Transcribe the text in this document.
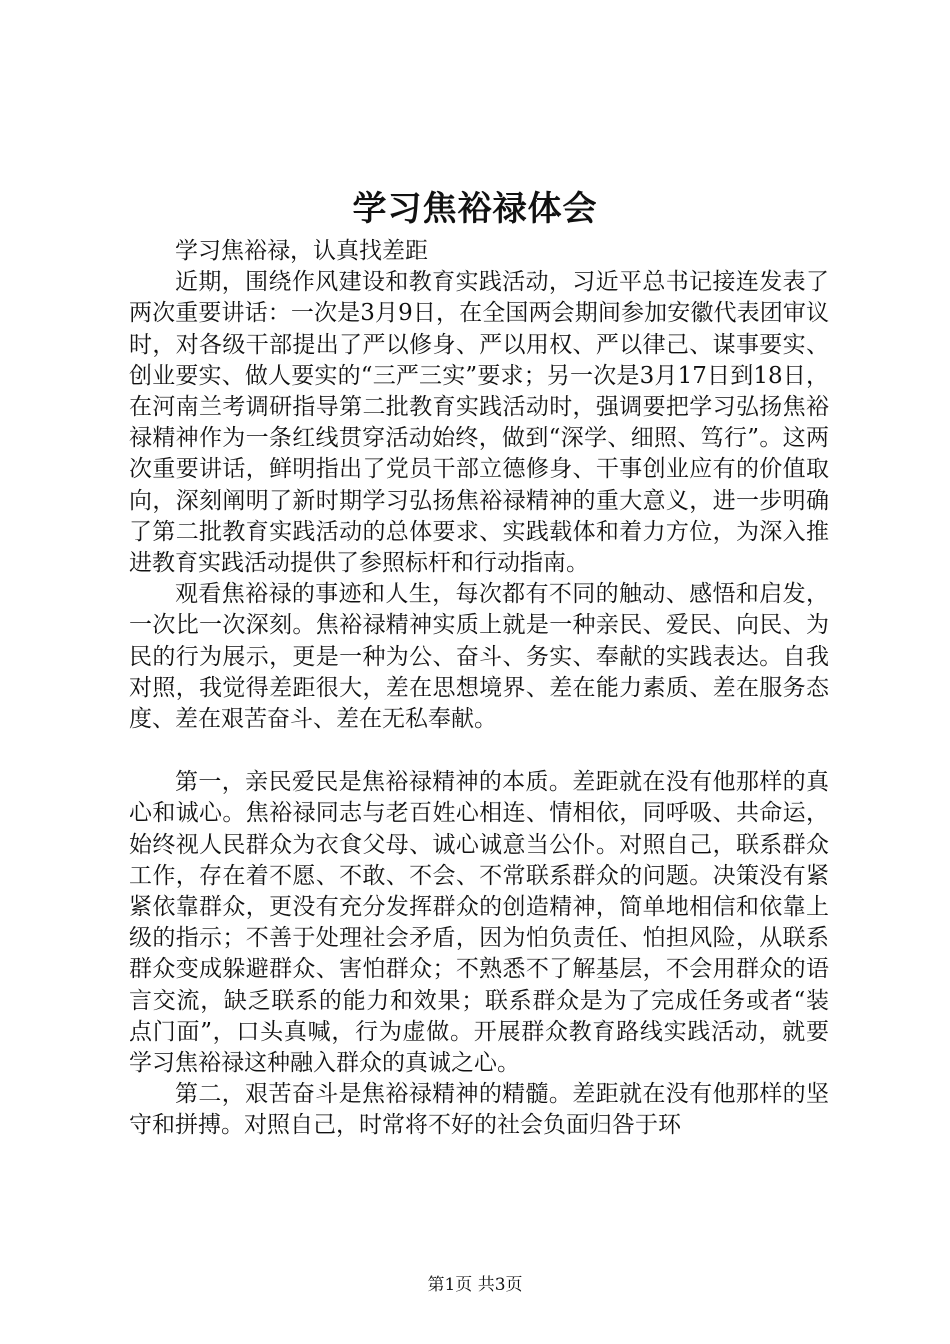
学习焦裕禄体会

学习焦裕禄，认真找差距

近期，围绕作风建设和教育实践活动，习近平总书记接连发表了两次重要讲话：一次是3月9日，在全国两会期间参加安徽代表团审议时，对各级干部提出了严以修身、严以用权、严以律己、谋事要实、创业要实、做人要实的“三严三实”要求；另一次是3月17日到18日，在河南兰考调研指导第二批教育实践活动时，强调要把学习弘扬焦裕禄精神作为一条红线贯穿活动始终，做到“深学、细照、笃行”。这两次重要讲话，鲜明指出了党员干部立德修身、干事创业应有的价值取向，深刻阐明了新时期学习弘扬焦裕禄精神的重大意义，进一步明确了第二批教育实践活动的总体要求、实践载体和着力方位，为深入推进教育实践活动提供了参照标杆和行动指南。

观看焦裕禄的事迹和人生，每次都有不同的触动、感悟和启发，一次比一次深刻。焦裕禄精神实质上就是一种亲民、爱民、向民、为民的行为展示，更是一种为公、奋斗、务实、奉献的实践表达。自我对照，我觉得差距很大，差在思想境界、差在能力素质、差在服务态度、差在艰苦奋斗、差在无私奉献。

第一，亲民爱民是焦裕禄精神的本质。差距就在没有他那样的真心和诚心。焦裕禄同志与老百姓心相连、情相依，同呼吸、共命运，始终视人民群众为衣食父母、诚心诚意当公仆。对照自己，联系群众工作，存在着不愿、不敢、不会、不常联系群众的问题。决策没有紧紧依靠群众，更没有充分发挥群众的创造精神，简单地相信和依靠上级的指示；不善于处理社会矛盾，因为怕负责任、怕担风险，从联系群众变成躲避群众、害怕群众；不熟悉不了解基层，不会用群众的语言交流，缺乏联系的能力和效果；联系群众是为了完成任务或者“装点门面”，口头真喊，行为虚做。开展群众教育路线实践活动，就要学习焦裕禄这种融入群众的真诚之心。

第二，艰苦奋斗是焦裕禄精神的精髓。差距就在没有他那样的坚守和拼搏。对照自己，时常将不好的社会负面归咎于环

第1页 共3页
